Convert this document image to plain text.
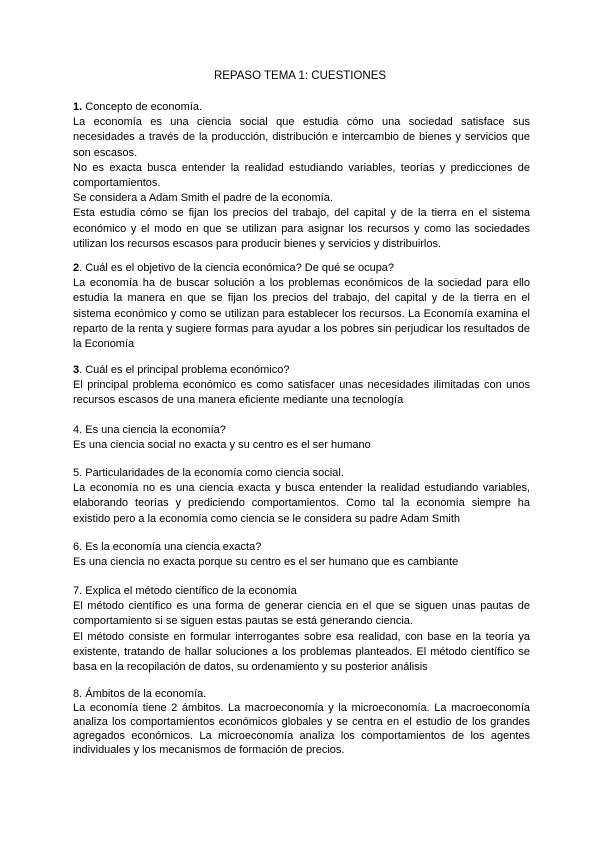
REPASO TEMA 1: CUESTIONES

1. Concepto de economía.

La economía es una ciencia social que estudia cómo una sociedad satisface sus necesidades a través de la producción, distribución e intercambio de bienes y servicios que son escasos.

No es exacta busca entender la realidad estudiando variables, teorías y predicciones de comportamientos.

Se considera a Adam Smith el padre de la economía.

Esta estudia cómo se fijan los precios del trabajo, del capital y de la tierra en el sistema económico y el modo en que se utilizan para asignar los recursos y como las sociedades utilizan los recursos escasos para producir bienes y servicios y distribuirlos.

2. Cuál es el objetivo de la ciencia económica? De qué se ocupa?

La economía ha de buscar solución a los problemas económicos de la sociedad para ello estudia la manera en que se fijan los precios del trabajo, del capital y de la tierra en el sistema económico y como se utilizan para establecer los recursos. La Economía examina el reparto de la renta y sugiere formas para ayudar a los pobres sin perjudicar los resultados de la Economía

3. Cuál es el principal problema económico?

El principal problema económico es como satisfacer unas necesidades ilimitadas con unos recursos escasos de una manera eficiente mediante una tecnología

4. Es una ciencia la economía?

Es una ciencia social no exacta y su centro es el ser humano

5. Particularidades de la economía como ciencia social.

La economía no es una ciencia exacta y busca entender la realidad estudiando variables, elaborando teorías y prediciendo comportamientos. Como tal la economía siempre ha existido pero a la economía como ciencia se le considera su padre Adam Smith

6. Es la economía una ciencia exacta?

Es una ciencia no exacta porque su centro es el ser humano que es cambiante

7. Explica el método científico de la economía

El método científico es una forma de generar ciencia en el que se siguen unas pautas de comportamiento si se siguen estas pautas se está generando ciencia.

El método consiste en formular interrogantes sobre esa realidad, con base en la teoría ya existente, tratando de hallar soluciones a los problemas planteados. El método científico se basa en la recopilación de datos, su ordenamiento y su posterior análisis

8. Ámbitos de la economía.

La economía tiene 2 ámbitos. La macroeconomía y la microeconomía. La macroeconomía analiza los comportamientos económicos globales y se centra en el estudio de los grandes agregados económicos. La microeconomía analiza los comportamientos de los agentes individuales y los mecanismos de formación de precios.
